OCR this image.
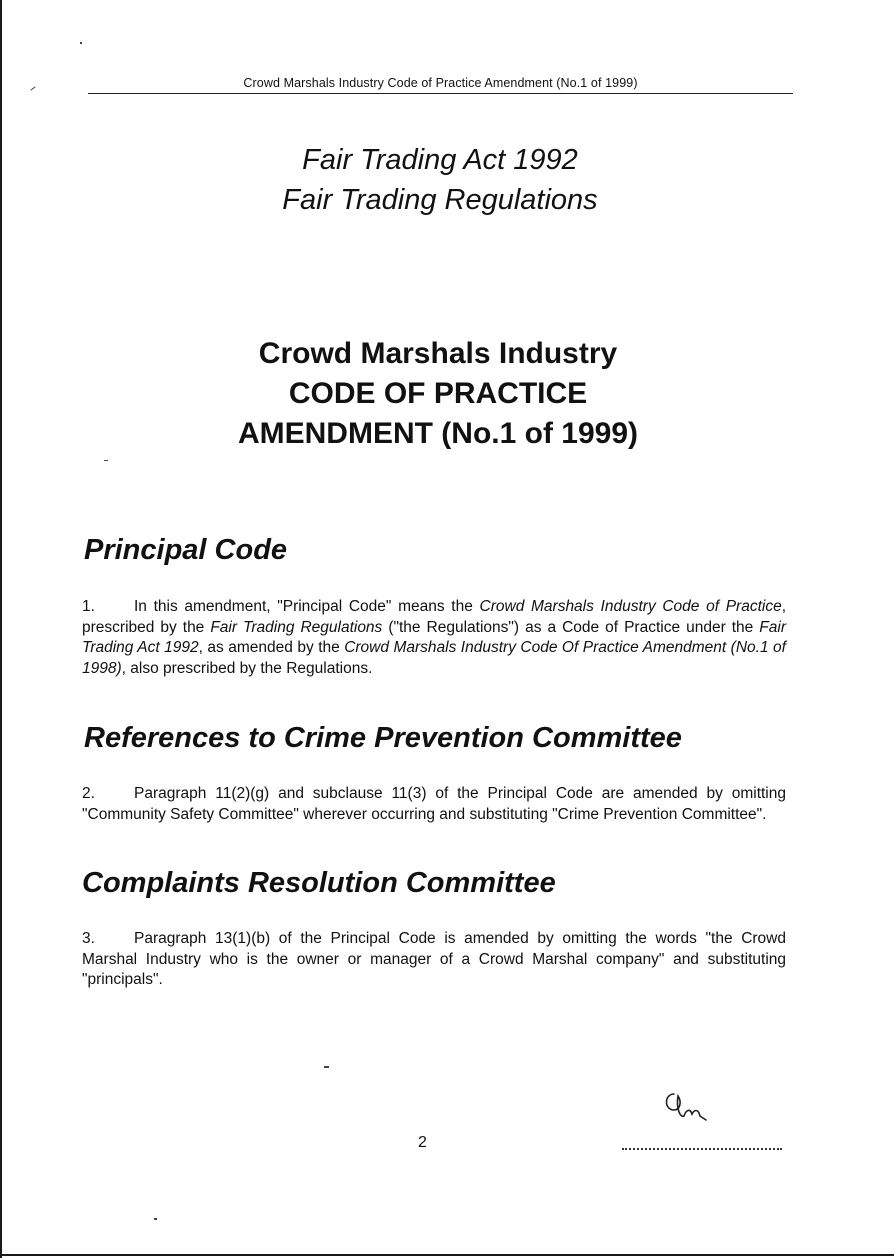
Crowd Marshals Industry Code of Practice Amendment (No.1 of 1999)
Fair Trading Act 1992
Fair Trading Regulations
Crowd Marshals Industry
CODE OF PRACTICE
AMENDMENT (No.1 of 1999)
Principal Code

1.	In this amendment, "Principal Code" means the Crowd Marshals Industry Code of Practice, prescribed by the Fair Trading Regulations ("the Regulations") as a Code of Practice under the Fair Trading Act 1992, as amended by the Crowd Marshals Industry Code Of Practice Amendment (No.1 of 1998), also prescribed by the Regulations.

References to Crime Prevention Committee

2.	Paragraph 11(2)(g) and subclause 11(3) of the Principal Code are amended by omitting "Community Safety Committee" wherever occurring and substituting "Crime Prevention Committee".

Complaints Resolution Committee

3.	Paragraph 13(1)(b) of the Principal Code is amended by omitting the words "the Crowd Marshal Industry who is the owner or manager of a Crowd Marshal company" and substituting "principals".

2
